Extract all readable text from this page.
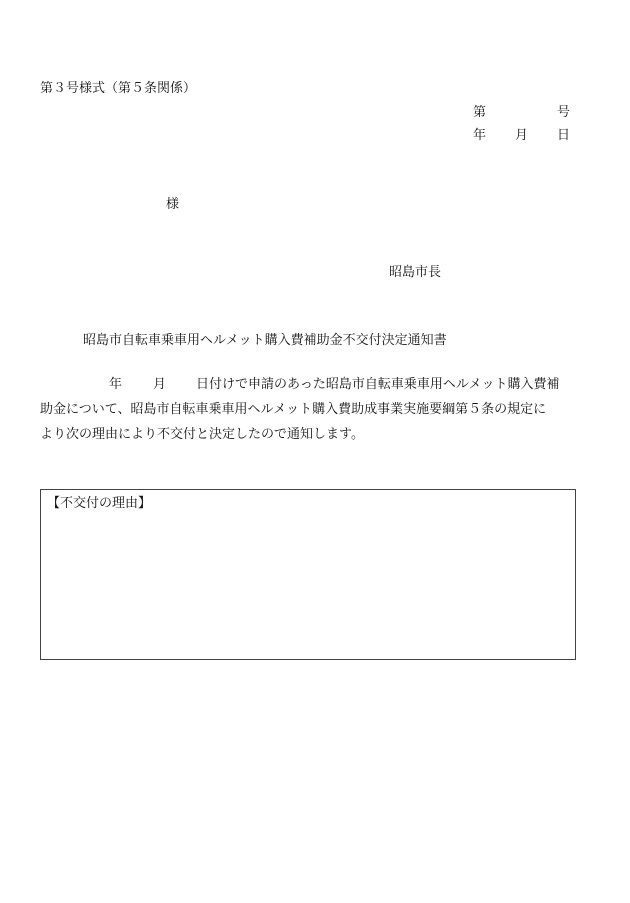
第３号様式（第５条関係）
第	号
年 月 日
様
昭島市長
昭島市自転車乗車用ヘルメット購入費補助金不交付決定通知書
年 月 日付けで申請のあった昭島市自転車乗車用ヘルメット購入費補
助金について、昭島市自転車乗車用ヘルメット購入費助成事業実施要綱第５条の規定に
より次の理由により不交付と決定したので通知します。
【不交付の理由】
